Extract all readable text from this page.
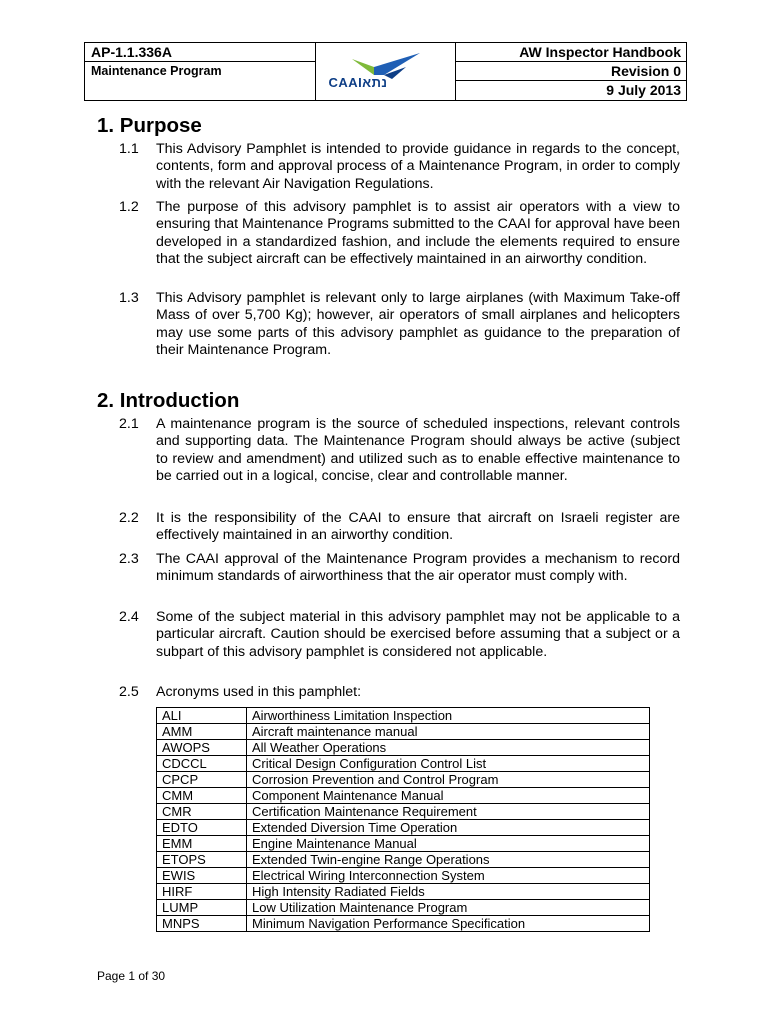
AP-1.1.336A
Maintenance Program
CAAIנתא
AW Inspector Handbook
Revision 0
9 July 2013
1. Purpose
1.1	This Advisory Pamphlet is intended to provide guidance in regards to the concept, contents, form and approval process of a Maintenance Program, in order to comply with the relevant Air Navigation Regulations.
1.2	The purpose of this advisory pamphlet is to assist air operators with a view to ensuring that Maintenance Programs submitted to the CAAI for approval have been developed in a standardized fashion, and include the elements required to ensure that the subject aircraft can be effectively maintained in an airworthy condition.
1.3	This Advisory pamphlet is relevant only to large airplanes (with Maximum Take-off Mass of over 5,700 Kg); however, air operators of small airplanes and helicopters may use some parts of this advisory pamphlet as guidance to the preparation of their Maintenance Program.
2. Introduction
2.1	A maintenance program is the source of scheduled inspections, relevant controls and supporting data. The Maintenance Program should always be active (subject to review and amendment) and utilized such as to enable effective maintenance to be carried out in a logical, concise, clear and controllable manner.
2.2	It is the responsibility of the CAAI to ensure that aircraft on Israeli register are effectively maintained in an airworthy condition.
2.3	The CAAI approval of the Maintenance Program provides a mechanism to record minimum standards of airworthiness that the air operator must comply with.
2.4	Some of the subject material in this advisory pamphlet may not be applicable to a particular aircraft. Caution should be exercised before assuming that a subject or a subpart of this advisory pamphlet is considered not applicable.
2.5	Acronyms used in this pamphlet:
ALI	Airworthiness Limitation Inspection
AMM	Aircraft maintenance manual
AWOPS	All Weather Operations
CDCCL	Critical Design Configuration Control List
CPCP	Corrosion Prevention and Control Program
CMM	Component Maintenance Manual
CMR	Certification Maintenance Requirement
EDTO	Extended Diversion Time Operation
EMM	Engine Maintenance Manual
ETOPS	Extended Twin-engine Range Operations
EWIS	Electrical Wiring Interconnection System
HIRF	High Intensity Radiated Fields
LUMP	Low Utilization Maintenance Program
MNPS	Minimum Navigation Performance Specification
Page 1 of 30
